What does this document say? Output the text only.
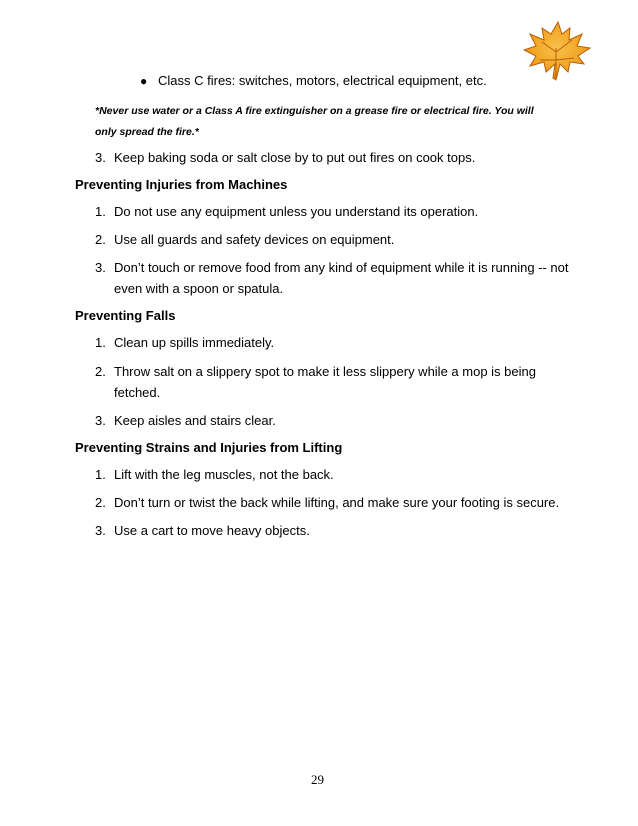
● Class C fires: switches, motors, electrical equipment, etc.
*Never use water or a Class A fire extinguisher on a grease fire or electrical fire. You will
only spread the fire.*
3. Keep baking soda or salt close by to put out fires on cook tops.
Preventing Injuries from Machines
1. Do not use any equipment unless you understand its operation.
2. Use all guards and safety devices on equipment.
3. Don’t touch or remove food from any kind of equipment while it is running -- not
even with a spoon or spatula.
Preventing Falls
1. Clean up spills immediately.
2. Throw salt on a slippery spot to make it less slippery while a mop is being
fetched.
3. Keep aisles and stairs clear.
Preventing Strains and Injuries from Lifting
1. Lift with the leg muscles, not the back.
2. Don’t turn or twist the back while lifting, and make sure your footing is secure.
3. Use a cart to move heavy objects.
29
